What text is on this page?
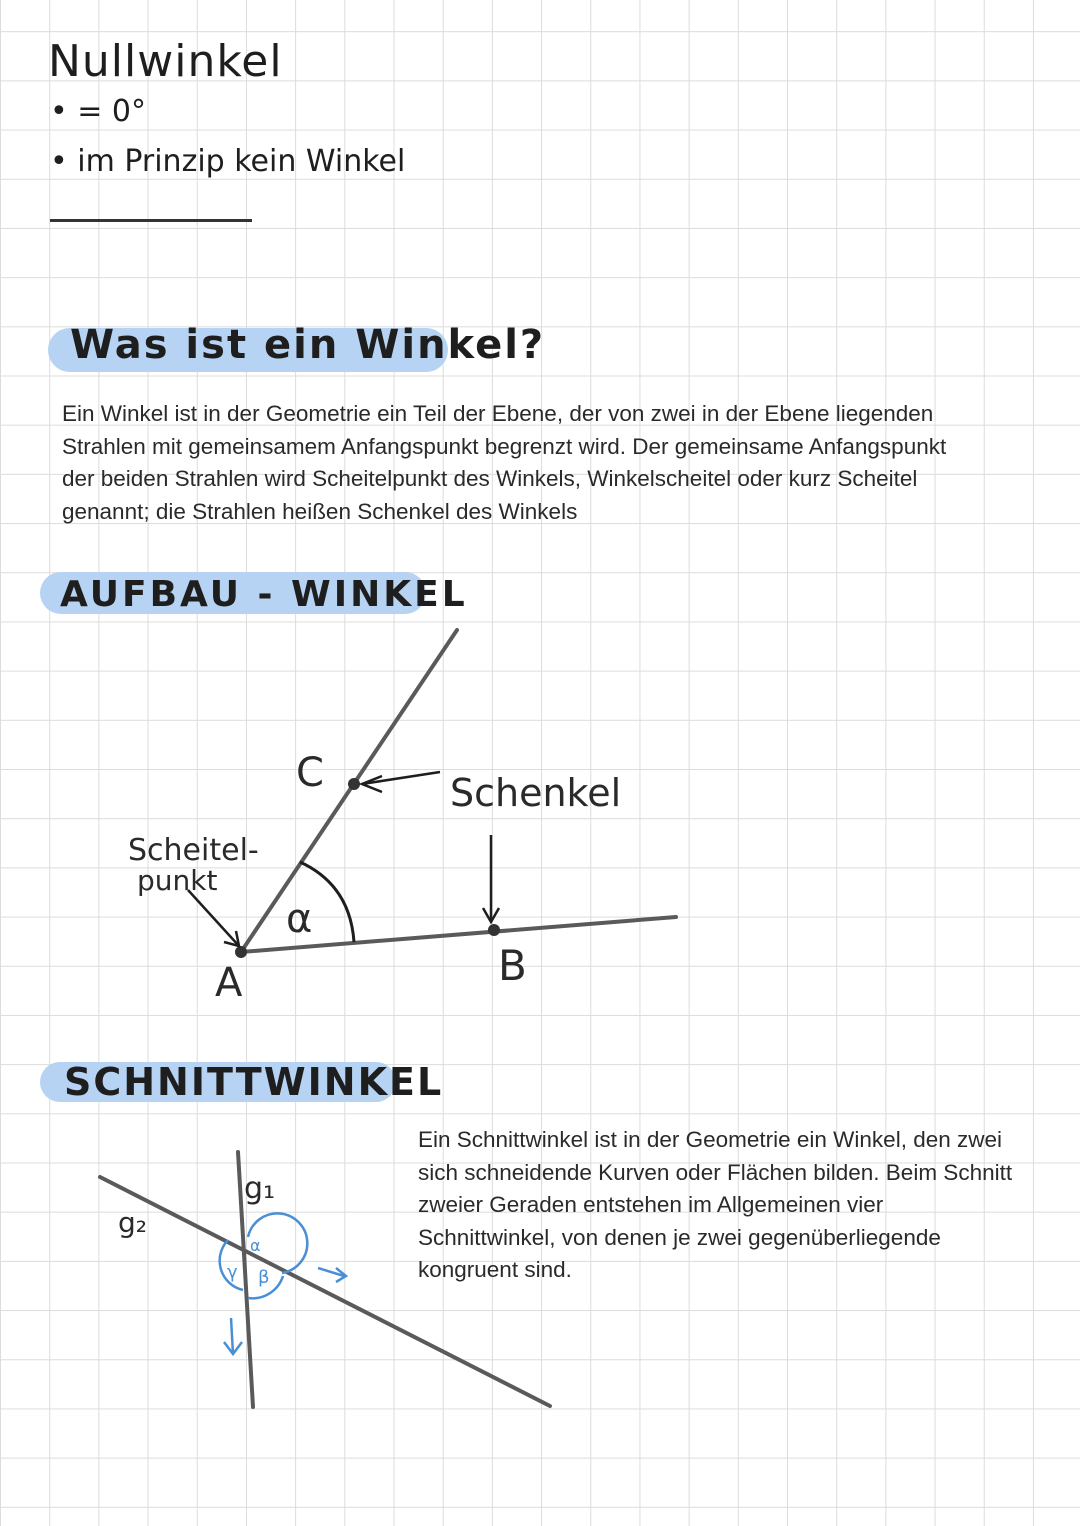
Nullwinkel
• = 0°
• im Prinzip kein Winkel
Was ist ein Winkel?
AUFBAU - WINKEL
SCHNITTWINKEL
Ein Winkel ist in der Geometrie ein Teil der Ebene, der von zwei in der Ebene liegenden
Strahlen mit gemeinsamem Anfangspunkt begrenzt wird. Der gemeinsame Anfangspunkt
der beiden Strahlen wird Scheitelpunkt des Winkels, Winkelscheitel oder kurz Scheitel
genannt; die Strahlen heißen Schenkel des Winkels
Ein Schnittwinkel ist in der Geometrie ein Winkel, den zwei
sich schneidende Kurven oder Flächen bilden. Beim Schnitt
zweier Geraden entstehen im Allgemeinen vier
Schnittwinkel, von denen je zwei gegenüberliegende
kongruent sind.
C	Schenkel
Scheitel-
punkt
α
A	B
g₁
g₂
α
β
γ
